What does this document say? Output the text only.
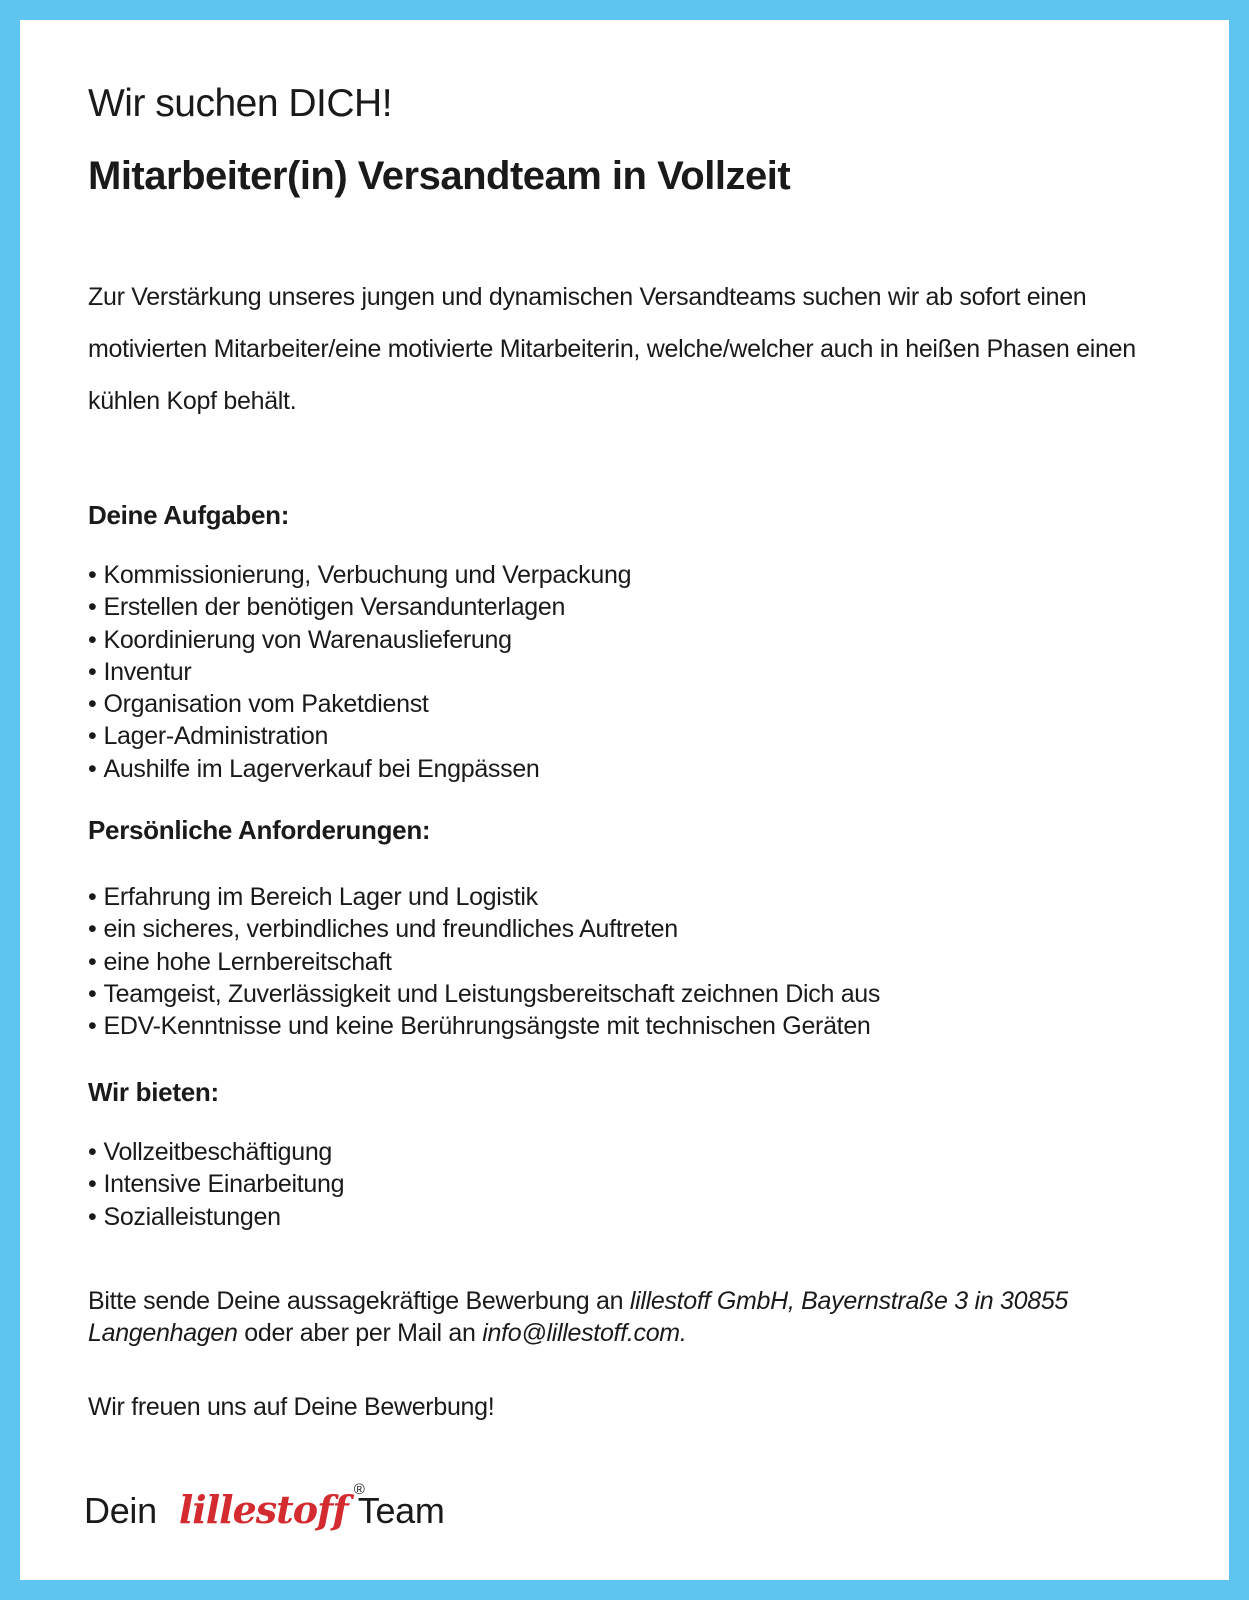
Wir suchen DICH!
Mitarbeiter(in) Versandteam in Vollzeit

Zur Verstärkung unseres jungen und dynamischen Versandteams suchen wir ab sofort einen motivierten Mitarbeiter/eine motivierte Mitarbeiterin, welche/welcher auch in heißen Phasen einen kühlen Kopf behält.

Deine Aufgaben:
• Kommissionierung, Verbuchung und Verpackung
• Erstellen der benötigen Versandunterlagen
• Koordinierung von Warenauslieferung
• Inventur
• Organisation vom Paketdienst
• Lager-Administration
• Aushilfe im Lagerverkauf bei Engpässen
Persönliche Anforderungen:
• Erfahrung im Bereich Lager und Logistik
• ein sicheres, verbindliches und freundliches Auftreten
• eine hohe Lernbereitschaft
• Teamgeist, Zuverlässigkeit und Leistungsbereitschaft zeichnen Dich aus
• EDV-Kenntnisse und keine Berührungsängste mit technischen Geräten
Wir bieten:
• Vollzeitbeschäftigung
• Intensive Einarbeitung
• Sozialleistungen

Bitte sende Deine aussagekräftige Bewerbung an lillestoff GmbH, Bayernstraße 3 in 30855 Langenhagen oder aber per Mail an info@lillestoff.com.

Wir freuen uns auf Deine Bewerbung!

Dein lillestoff ®
Team
